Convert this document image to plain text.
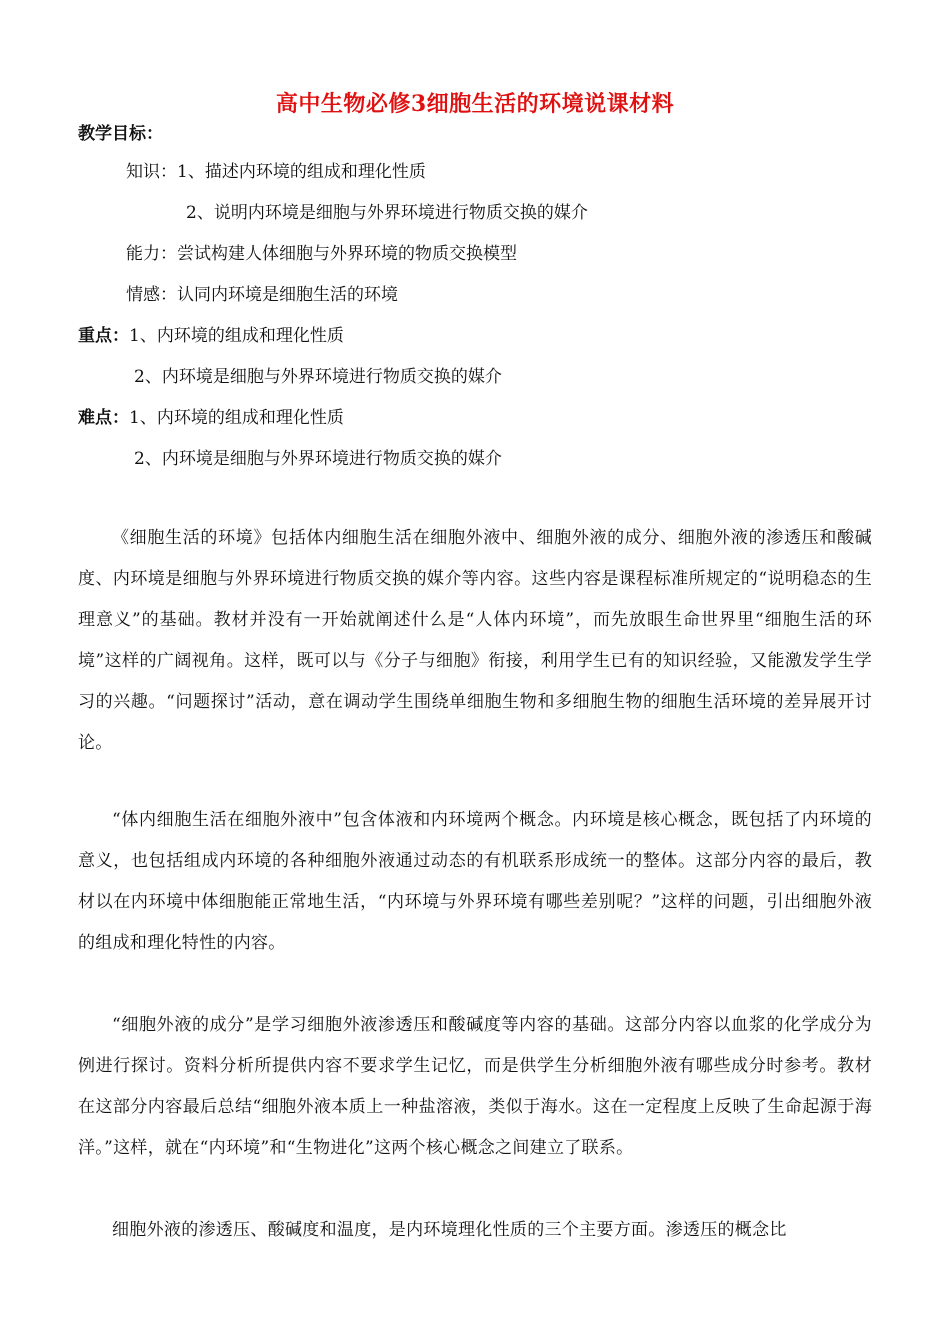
高中生物必修3细胞生活的环境说课材料
教学目标：
知识：1、描述内环境的组成和理化性质
2、说明内环境是细胞与外界环境进行物质交换的媒介
能力：尝试构建人体细胞与外界环境的物质交换模型
情感：认同内环境是细胞生活的环境
重点：1、内环境的组成和理化性质
2、内环境是细胞与外界环境进行物质交换的媒介
难点：1、内环境的组成和理化性质
2、内环境是细胞与外界环境进行物质交换的媒介
《细胞生活的环境》包括体内细胞生活在细胞外液中、细胞外液的成分、细胞外液的渗透压和酸碱度、内环境是细胞与外界环境进行物质交换的媒介等内容。这些内容是课程标准所规定的“说明稳态的生理意义”的基础。教材并没有一开始就阐述什么是“人体内环境”，而先放眼生命世界里“细胞生活的环境”这样的广阔视角。这样，既可以与《分子与细胞》衔接，利用学生已有的知识经验，又能激发学生学习的兴趣。“问题探讨”活动，意在调动学生围绕单细胞生物和多细胞生物的细胞生活环境的差异展开讨论。
“体内细胞生活在细胞外液中”包含体液和内环境两个概念。内环境是核心概念，既包括了内环境的意义，也包括组成内环境的各种细胞外液通过动态的有机联系形成统一的整体。这部分内容的最后，教材以在内环境中体细胞能正常地生活，“内环境与外界环境有哪些差别呢？”这样的问题，引出细胞外液的组成和理化特性的内容。
“细胞外液的成分”是学习细胞外液渗透压和酸碱度等内容的基础。这部分内容以血浆的化学成分为例进行探讨。资料分析所提供内容不要求学生记忆，而是供学生分析细胞外液有哪些成分时参考。教材在这部分内容最后总结“细胞外液本质上一种盐溶液，类似于海水。这在一定程度上反映了生命起源于海洋。”这样，就在“内环境”和“生物进化”这两个核心概念之间建立了联系。
细胞外液的渗透压、酸碱度和温度，是内环境理化性质的三个主要方面。渗透压的概念比
